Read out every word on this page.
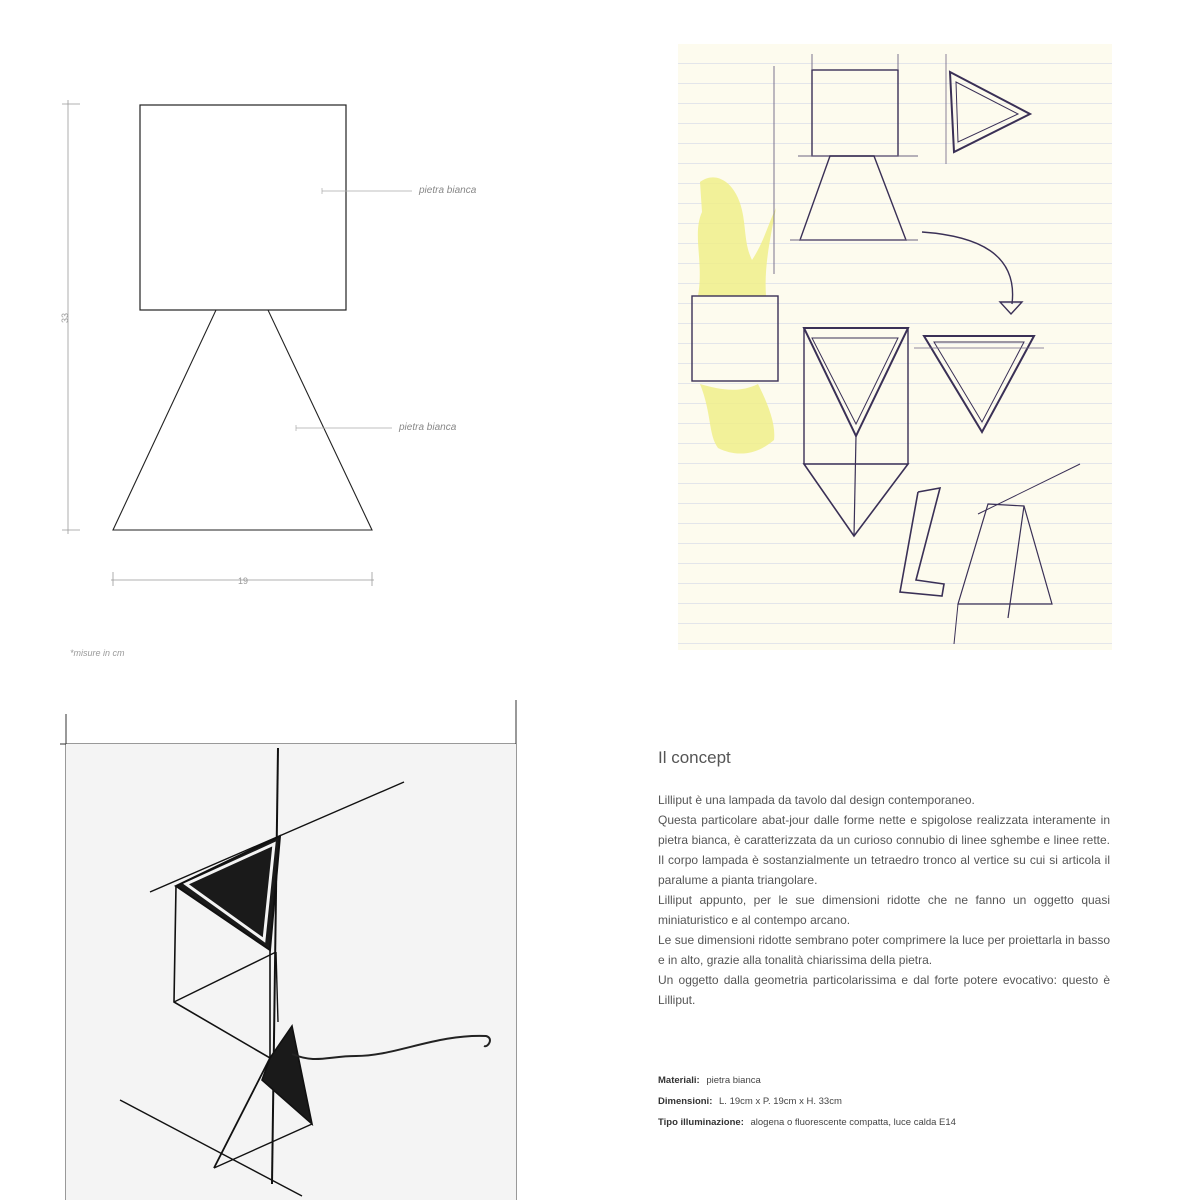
pietra bianca
pietra bianca
33
19
*misure in cm
Il concept

Lilliput è una lampada da tavolo dal design contemporaneo.

Questa particolare abat-jour dalle forme nette e spigolose realizzata interamente in pietra bianca, è caratterizzata da un curioso connubio di linee sghembe e linee rette. Il corpo lampada è sostanzialmente un tetraedro tronco al vertice su cui si articola il paralume a pianta triangolare.

Lilliput appunto, per le sue dimensioni ridotte che ne fanno un oggetto quasi miniaturistico e al contempo arcano.

Le sue dimensioni ridotte sembrano poter comprimere la luce per proiettarla in basso e in alto, grazie alla tonalità chiarissima della pietra.

Un oggetto dalla geometria particolarissima e dal forte potere evocativo: questo è Lilliput.

Materiali: pietra bianca
Dimensioni: L. 19cm x P. 19cm x H. 33cm
Tipo illuminazione: alogena o fluorescente compatta, luce calda E14
